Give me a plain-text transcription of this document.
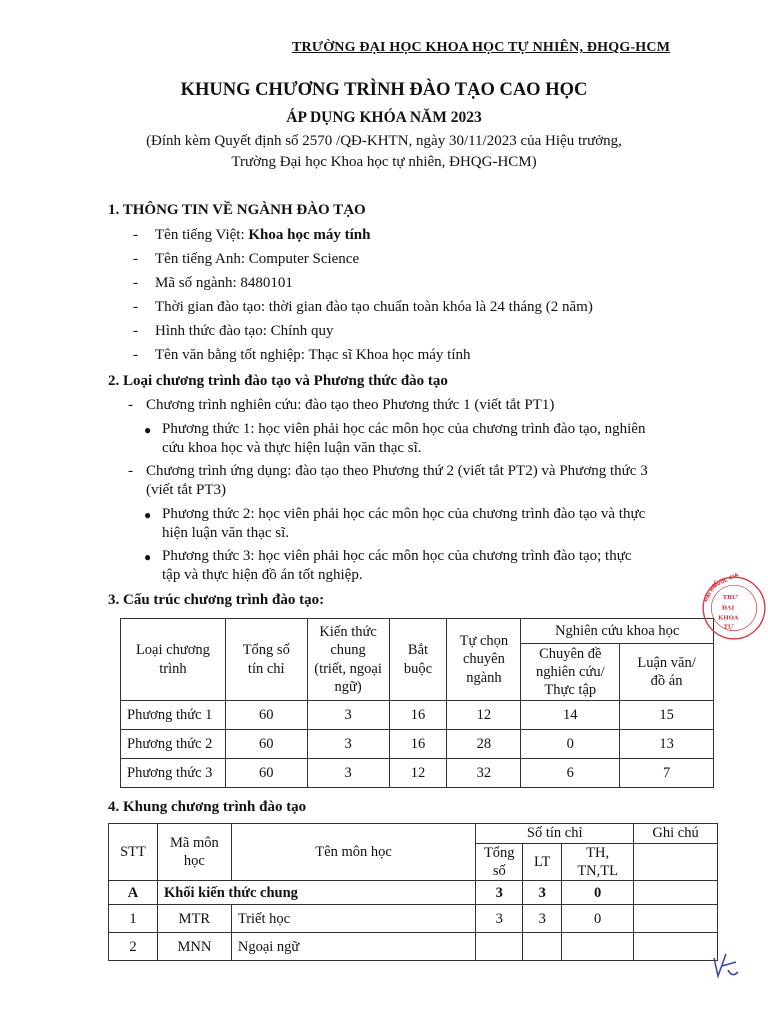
TRƯỜNG ĐẠI HỌC KHOA HỌC TỰ NHIÊN, ĐHQG-HCM
KHUNG CHƯƠNG TRÌNH ĐÀO TẠO CAO HỌC
ÁP DỤNG KHÓA NĂM 2023
(Đính kèm Quyết định số 2570 /QĐ-KHTN, ngày 30/11/2023 của Hiệu trưởng,
Trường Đại học Khoa học tự nhiên, ĐHQG-HCM)
1. THÔNG TIN VỀ NGÀNH ĐÀO TẠO
- Tên tiếng Việt: Khoa học máy tính
- Tên tiếng Anh: Computer Science
- Mã số ngành: 8480101
- Thời gian đào tạo: thời gian đào tạo chuẩn toàn khóa là 24 tháng (2 năm)
- Hình thức đào tạo: Chính quy
- Tên văn bằng tốt nghiệp: Thạc sĩ Khoa học máy tính
2. Loại chương trình đào tạo và Phương thức đào tạo
- Chương trình nghiên cứu: đào tạo theo Phương thức 1 (viết tắt PT1)
● Phương thức 1: học viên phải học các môn học của chương trình đào tạo, nghiên
cứu khoa học và thực hiện luận văn thạc sĩ.
- Chương trình ứng dụng: đào tạo theo Phương thứ 2 (viết tắt PT2) và Phương thức 3
(viết tắt PT3)
● Phương thức 2: học viên phải học các môn học của chương trình đào tạo và thực
hiện luận văn thạc sĩ.
● Phương thức 3: học viên phải học các môn học của chương trình đào tạo; thực
tập và thực hiện đồ án tốt nghiệp.
3. Cấu trúc chương trình đào tạo:
Loại chương trình	Tổng số tín chỉ	Kiến thức chung (triết, ngoại ngữ)	Bắt buộc	Tự chọn chuyên ngành	Nghiên cứu khoa học	
					Chuyên đề nghiên cứu/ Thực tập	Luận văn/ đồ án
Phương thức 1	60	3	16	12	14	15
Phương thức 2	60	3	16	28	0	13
Phương thức 3	60	3	12	32	6	7
4. Khung chương trình đào tạo
STT	Mã môn học	Tên môn học	Số tín chỉ			Ghi chú
			Tổng số	LT	TH, TN,TL	
A	Khối kiến thức chung		3	3	0	
1	MTR	Triết học	3	3	0	
2	MNN	Ngoại ngữ				
ĐẠI HỌC
QUỐC GIA
TRƯ
ĐẠI
KHOA
TỰ
